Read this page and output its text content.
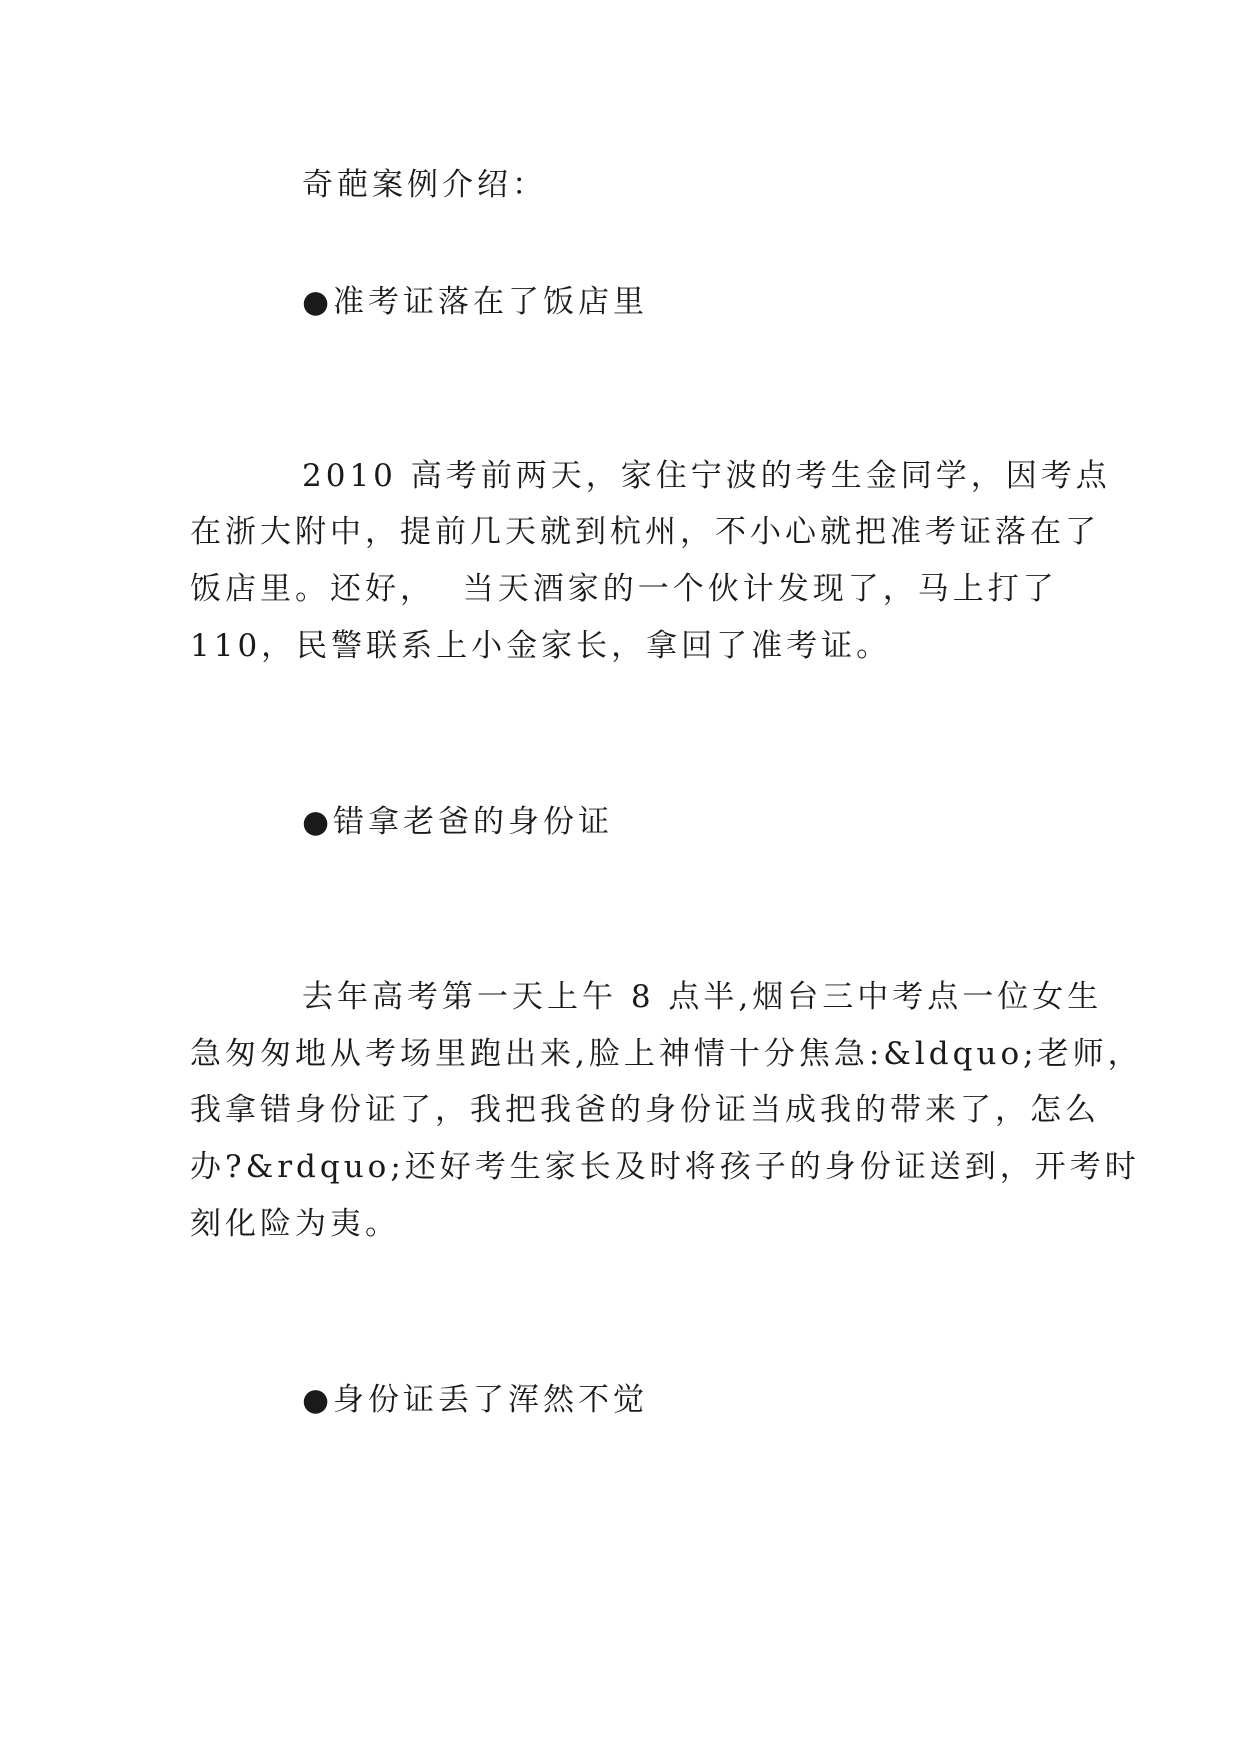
奇葩案例介绍：
●准考证落在了饭店里
2010 高考前两天，家住宁波的考生金同学，因考点
在浙大附中，提前几天就到杭州，不小心就把准考证落在了
饭店里。还好，  当天酒家的一个伙计发现了，马上打了
110，民警联系上小金家长，拿回了准考证。
●错拿老爸的身份证
去年高考第一天上午 8 点半,烟台三中考点一位女生
急匆匆地从考场里跑出来,脸上神情十分焦急:&ldquo;老师，
我拿错身份证了，我把我爸的身份证当成我的带来了，怎么
办?&rdquo;还好考生家长及时将孩子的身份证送到，开考时
刻化险为夷。
●身份证丢了浑然不觉
